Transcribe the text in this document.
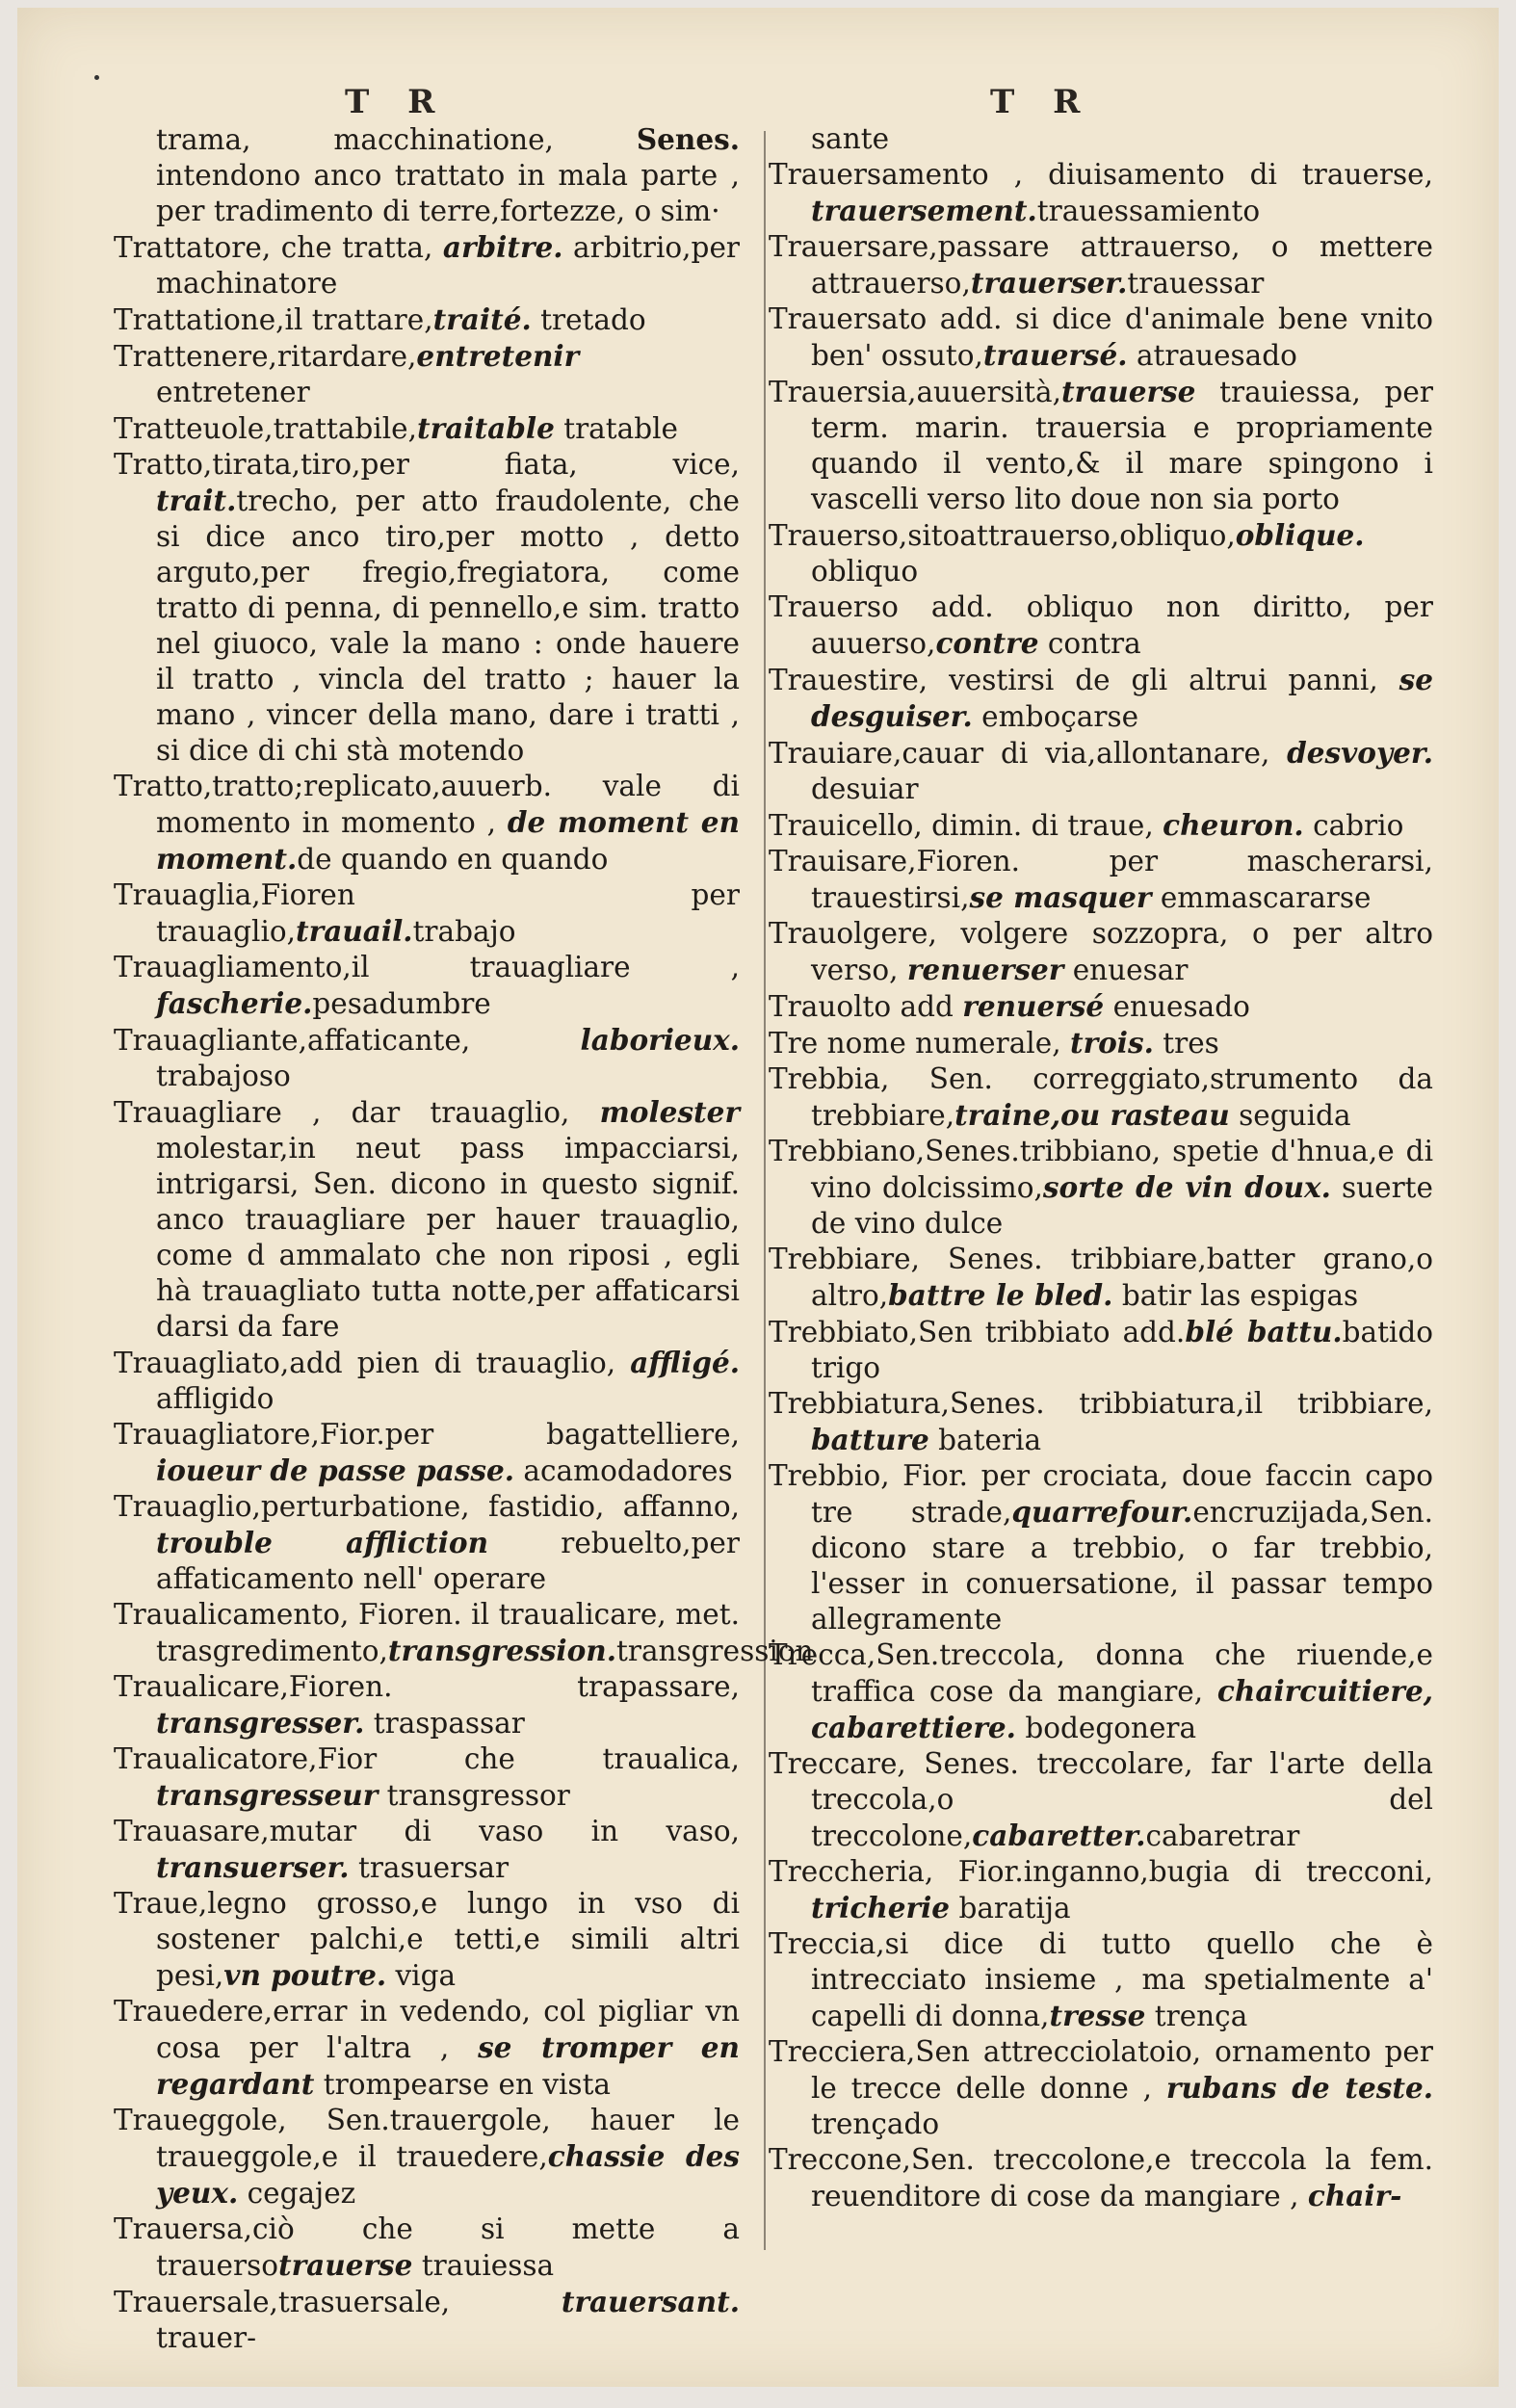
T R	T R

trama, macchinatione, Senes. intendono anco trattato in mala parte , per tradimento di terre,fortezze, o sim·

Trattatore, che tratta, arbitre. arbitrio,per machinatore

Trattatione,il trattare,traité. tretado

Trattenere,ritardare,entretenir entretener

Tratteuole,trattabile,traitable tratable

Tratto,tirata,tiro,per fiata, vice, trait.trecho, per atto fraudolente, che si dice anco tiro,per motto , detto arguto,per fregio,fregiatora, come tratto di penna, di pennello,e sim. tratto nel giuoco, vale la mano : onde hauere il tratto , vincla del tratto ; hauer la mano , vincer della mano, dare i tratti , si dice di chi stà motendo

Tratto,tratto;replicato,auuerb. vale di momento in momento , de moment en moment.de quando en quando

Trauaglia,Fioren per trauaglio,trauail.trabajo

Trauagliamento,il trauagliare , fascherie.pesadumbre

Trauagliante,affaticante, laborieux. trabajoso

Trauagliare , dar trauaglio, molester molestar,in neut pass impacciarsi, intrigarsi, Sen. dicono in questo signif. anco trauagliare per hauer trauaglio, come d ammalato che non riposi , egli hà trauagliato tutta notte,per affaticarsi darsi da fare

Trauagliato,add pien di trauaglio, affligé. affligido

Trauagliatore,Fior.per bagattelliere, ioueur de passe passe. acamodadores

Trauaglio,perturbatione, fastidio, affanno, trouble affliction rebuelto,per affaticamento nell' operare

Traualicamento, Fioren. il traualicare, met. trasgredimento,transgression.transgression

Traualicare,Fioren. trapassare, transgresser. traspassar

Traualicatore,Fior che traualica, transgresseur transgressor

Trauasare,mutar di vaso in vaso, transuerser. trasuersar

Traue,legno grosso,e lungo in vso di sostener palchi,e tetti,e simili altri pesi,vn poutre. viga

Trauedere,errar in vedendo, col pigliar vn cosa per l'altra , se tromper en regardant trompearse en vista

Traueggole, Sen.trauergole, hauer le traueggole,e il trauedere,chassie des yeux. cegajez

Trauersa,ciò che si mette a trauersotrauerse trauiessa

Trauersale,trasuersale, trauersant. trauer-

sante

Trauersamento , diuisamento di trauerse, trauersement.trauessamiento

Trauersare,passare attrauerso, o mettere attrauerso,trauerser.trauessar

Trauersato add. si dice d'animale bene vnito ben' ossuto,trauersé. atrauesado

Trauersia,auuersità,trauerse trauiessa, per term. marin. trauersia e propriamente quando il vento,& il mare spingono i vascelli verso lito doue non sia porto

Trauerso,sitoattrauerso,obliquo,oblique. obliquo

Trauerso add. obliquo non diritto, per auuerso,contre contra

Trauestire, vestirsi de gli altrui panni, se desguiser. emboçarse

Trauiare,cauar di via,allontanare, desvoyer. desuiar

Trauicello, dimin. di traue, cheuron. cabrio

Trauisare,Fioren. per mascherarsi, trauestirsi,se masquer emmascararse

Trauolgere, volgere sozzopra, o per altro verso, renuerser enuesar

Trauolto add renuersé enuesado

Tre nome numerale, trois. tres

Trebbia, Sen. correggiato,strumento da trebbiare,traine,ou rasteau seguida

Trebbiano,Senes.tribbiano, spetie d'hnua,e di vino dolcissimo,sorte de vin doux. suerte de vino dulce

Trebbiare, Senes. tribbiare,batter grano,o altro,battre le bled. batir las espigas

Trebbiato,Sen tribbiato add.blé battu.batido trigo

Trebbiatura,Senes. tribbiatura,il tribbiare, batture bateria

Trebbio, Fior. per crociata, doue faccin capo tre strade,quarrefour.encruzijada,Sen. dicono stare a trebbio, o far trebbio, l'esser in conuersatione, il passar tempo allegramente

Trecca,Sen.treccola, donna che riuende,e traffica cose da mangiare, chaircuitiere, cabarettiere. bodegonera

Treccare, Senes. treccolare, far l'arte della treccola,o del treccolone,cabaretter.cabaretrar

Treccheria, Fior.inganno,bugia di trecconi, tricherie baratija

Treccia,si dice di tutto quello che è intrecciato insieme , ma spetialmente a' capelli di donna,tresse trença

Trecciera,Sen attrecciolatoio, ornamento per le trecce delle donne , rubans de teste. trençado

Treccone,Sen. treccolone,e treccola la fem. reuenditore di cose da mangiare , chair-
